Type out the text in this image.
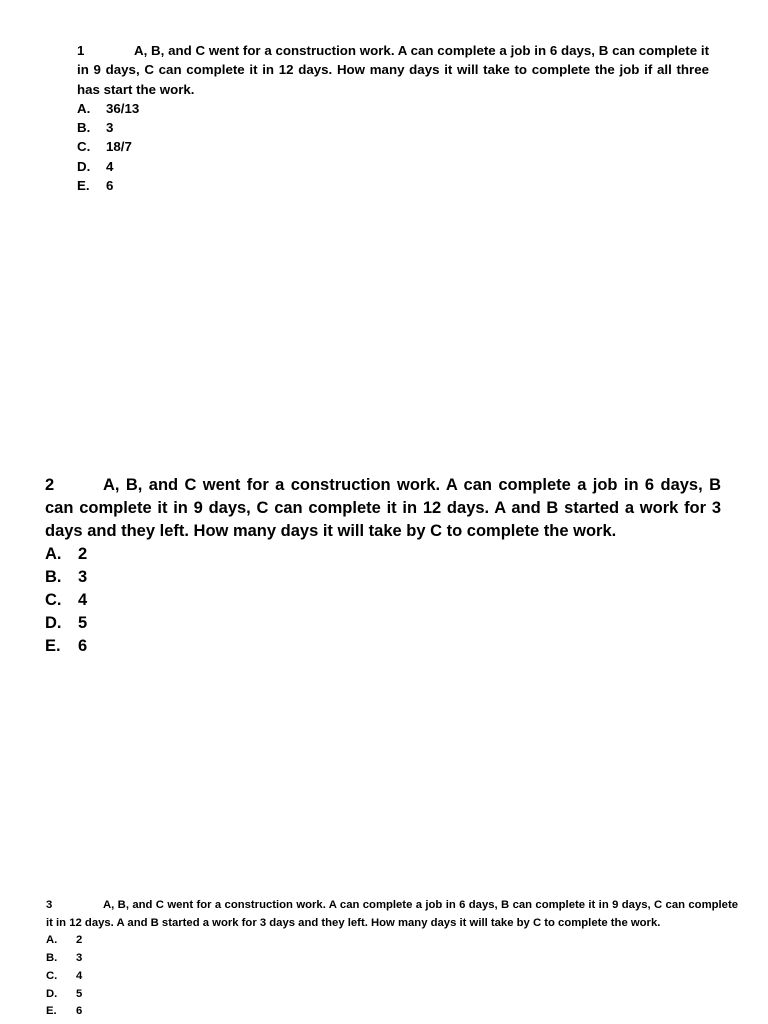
1	A, B, and C went for a construction work. A can complete a job in 6 days, B can complete it in 9 days, C can complete it in 12 days. How many days it will take to complete the job if all three has start the work.

A.	36/13
B.	3
C.	18/7
D.	4
E.	6

2	A, B, and C went for a construction work. A can complete a job in 6 days, B can complete it in 9 days, C can complete it in 12 days. A and B started a work for 3 days and they left. How many days it will take by C to complete the work.

A.	2
B.	3
C.	4
D.	5
E.	6

3	A, B, and C went for a construction work. A can complete a job in 6 days, B can complete it in 9 days, C can complete it in 12 days. A and B started a work for 3 days and they left. How many days it will take by C to complete the work.

A.	2
B.	3
C.	4
D.	5
E.	6
